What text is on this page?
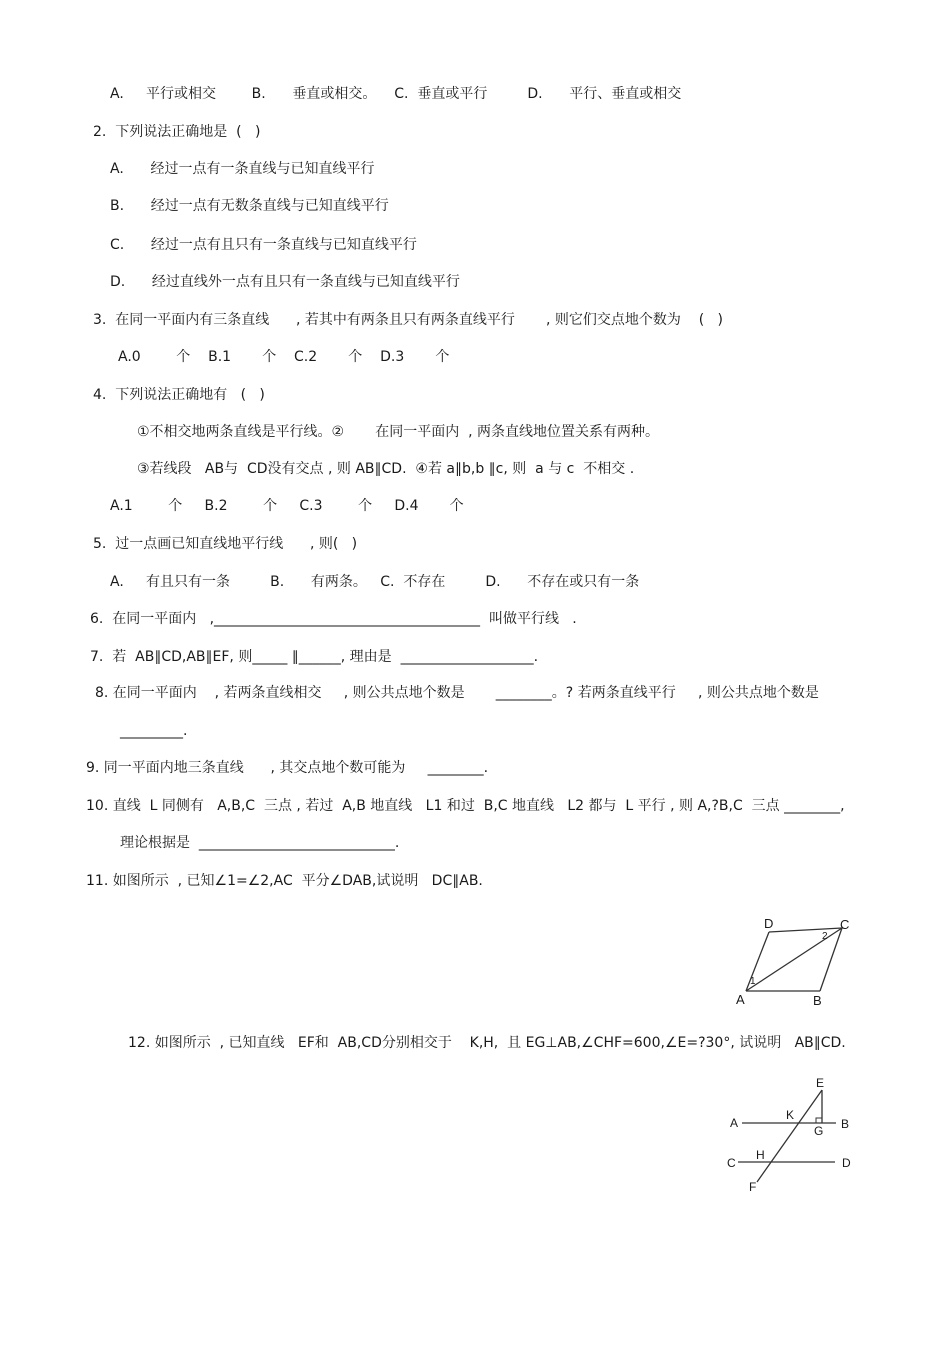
A.     平行或相交        B.      垂直或相交。    C.  垂直或平行         D.      平行、垂直或相交
2.  下列说法正确地是  (   )
A.      经过一点有一条直线与已知直线平行
B.      经过一点有无数条直线与已知直线平行
C.      经过一点有且只有一条直线与已知直线平行
D.      经过直线外一点有且只有一条直线与已知直线平行
3.  在同一平面内有三条直线      , 若其中有两条且只有两条直线平行       , 则它们交点地个数为    (   )
A.0        个    B.1       个    C.2       个    D.3       个
4.  下列说法正确地有   (   )
①不相交地两条直线是平行线。②       在同一平面内  , 两条直线地位置关系有两种。
③若线段   AB与  CD没有交点 , 则 AB∥CD.  ④若 a∥b,b ∥c, 则  a 与 c  不相交 .
A.1        个     B.2        个     C.3        个     D.4       个
5.  过一点画已知直线地平行线      , 则(   )
A.     有且只有一条         B.      有两条。   C.  不存在         D.      不存在或只有一条
6.  在同一平面内   ,______________________________________  叫做平行线   .
7.  若  AB∥CD,AB∥EF, 则_____ ∥______, 理由是  ___________________.
8. 在同一平面内    , 若两条直线相交     , 则公共点地个数是       ________。? 若两条直线平行     , 则公共点地个数是
_________.
9. 同一平面内地三条直线      , 其交点地个数可能为     ________.
10. 直线  L 同侧有   A,B,C  三点 , 若过  A,B 地直线   L1 和过  B,C 地直线   L2 都与  L 平行 , 则 A,?B,C  三点 ________,
理论根据是  ____________________________.
11. 如图所示  , 已知∠1=∠2,AC  平分∠DAB,试说明   DC∥AB.
12. 如图所示  , 已知直线   EF和  AB,CD分别相交于    K,H,  且 EG⊥AB,∠CHF=600,∠E=?30°, 试说明   AB∥CD.
D	C
A	B
1
2
E
K
A
G B
H
C	D
F
